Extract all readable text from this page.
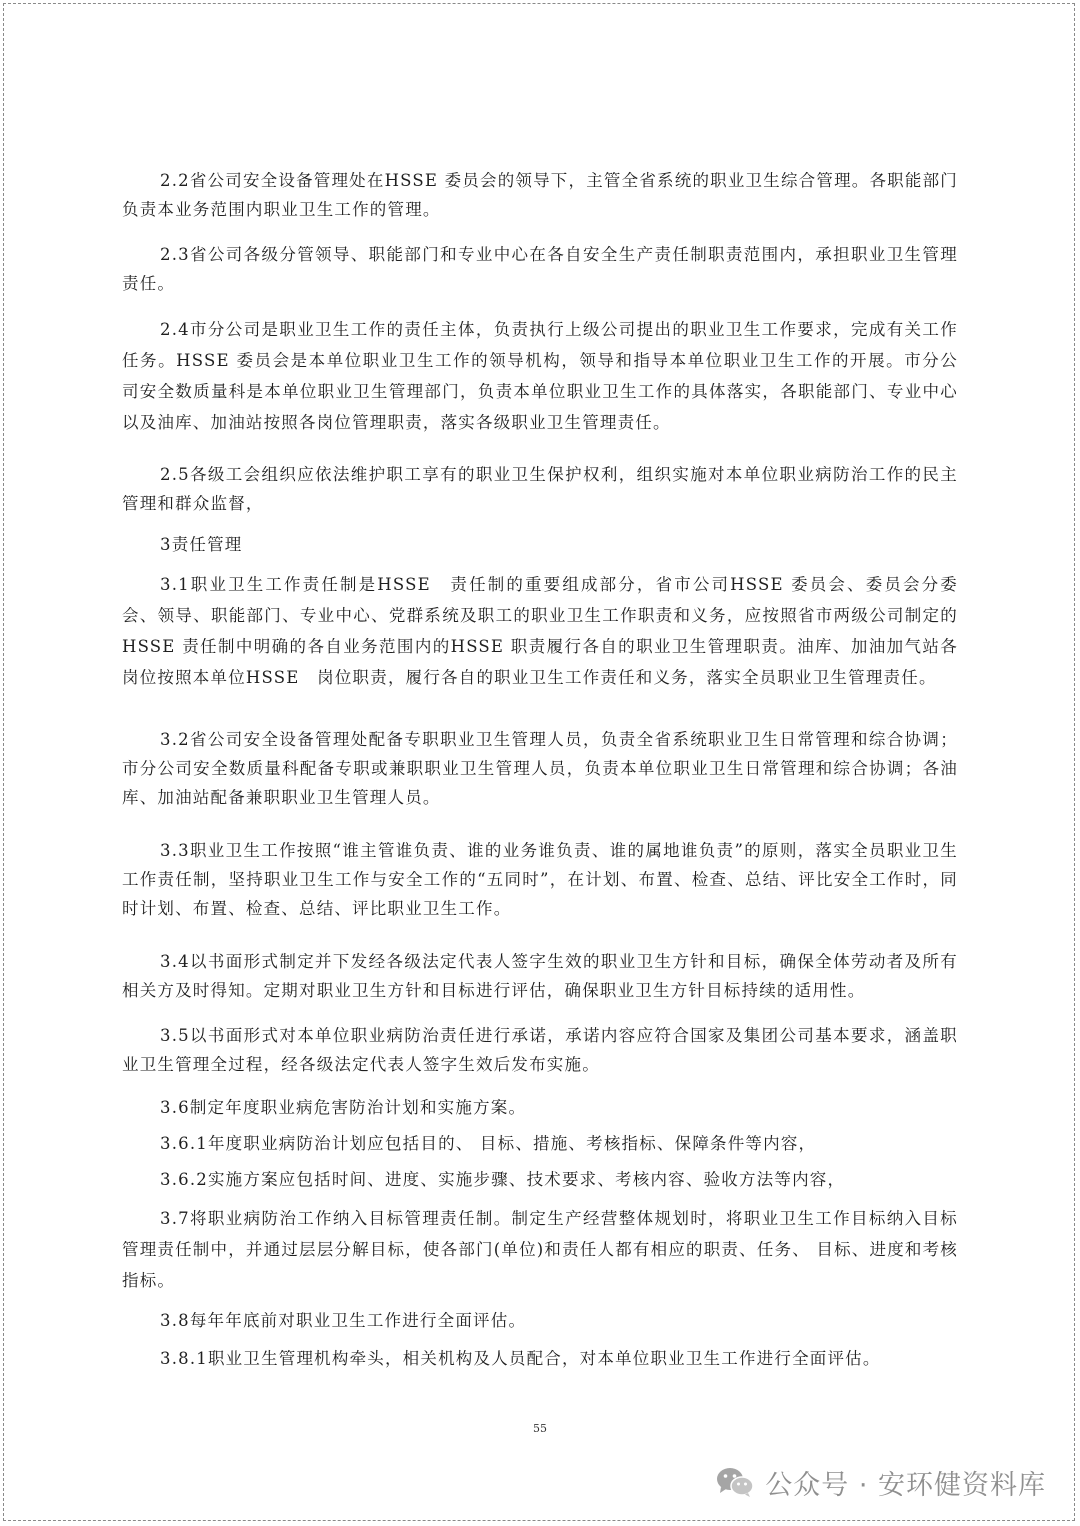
2.2省公司安全设备管理处在HSSE 委员会的领导下，主管全省系统的职业卫生综合管理。各职能部门负责本业务范围内职业卫生工作的管理。

2.3省公司各级分管领导、职能部门和专业中心在各自安全生产责任制职责范围内，承担职业卫生管理责任。

2.4市分公司是职业卫生工作的责任主体，负责执行上级公司提出的职业卫生工作要求，完成有关工作任务。HSSE 委员会是本单位职业卫生工作的领导机构，领导和指导本单位职业卫生工作的开展。市分公司安全数质量科是本单位职业卫生管理部门，负责本单位职业卫生工作的具体落实，各职能部门、专业中心以及油库、加油站按照各岗位管理职责，落实各级职业卫生管理责任。

2.5各级工会组织应依法维护职工享有的职业卫生保护权利，组织实施对本单位职业病防治工作的民主管理和群众监督，

3责任管理

3.1职业卫生工作责任制是HSSE　责任制的重要组成部分，省市公司HSSE 委员会、委员会分委会、领导、职能部门、专业中心、党群系统及职工的职业卫生工作职责和义务，应按照省市两级公司制定的 HSSE 责任制中明确的各自业务范围内的HSSE 职责履行各自的职业卫生管理职责。油库、加油加气站各岗位按照本单位HSSE　岗位职责，履行各自的职业卫生工作责任和义务，落实全员职业卫生管理责任。

3.2省公司安全设备管理处配备专职职业卫生管理人员，负责全省系统职业卫生日常管理和综合协调；市分公司安全数质量科配备专职或兼职职业卫生管理人员，负责本单位职业卫生日常管理和综合协调；各油库、加油站配备兼职职业卫生管理人员。

3.3职业卫生工作按照“谁主管谁负责、谁的业务谁负责、谁的属地谁负责”的原则，落实全员职业卫生工作责任制，坚持职业卫生工作与安全工作的“五同时”，在计划、布置、检查、总结、评比安全工作时，同时计划、布置、检查、总结、评比职业卫生工作。

3.4以书面形式制定并下发经各级法定代表人签字生效的职业卫生方针和目标，确保全体劳动者及所有相关方及时得知。定期对职业卫生方针和目标进行评估，确保职业卫生方针目标持续的适用性。

3.5以书面形式对本单位职业病防治责任进行承诺，承诺内容应符合国家及集团公司基本要求，涵盖职业卫生管理全过程，经各级法定代表人签字生效后发布实施。

3.6制定年度职业病危害防治计划和实施方案。

3.6.1年度职业病防治计划应包括目的、 目标、措施、考核指标、保障条件等内容，

3.6.2实施方案应包括时间、进度、实施步骤、技术要求、考核内容、验收方法等内容，

3.7将职业病防治工作纳入目标管理责任制。制定生产经营整体规划时，将职业卫生工作目标纳入目标管理责任制中，并通过层层分解目标，使各部门(单位)和责任人都有相应的职责、任务、 目标、进度和考核指标。

3.8每年年底前对职业卫生工作进行全面评估。

3.8.1职业卫生管理机构牵头，相关机构及人员配合，对本单位职业卫生工作进行全面评估。

55
公众号 · 安环健资料库
